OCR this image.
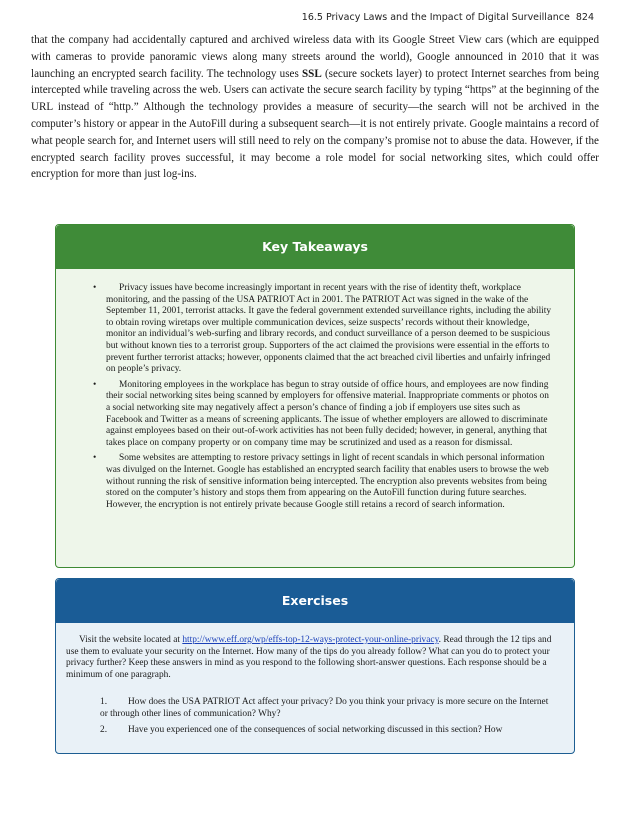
16.5 Privacy Laws and the Impact of Digital Surveillance 824

that the company had accidentally captured and archived wireless data with its Google Street View cars (which are equipped with cameras to provide panoramic views along many streets around the world), Google announced in 2010 that it was launching an encrypted search facility. The technology uses SSL (secure sockets layer) to protect Internet searches from being intercepted while traveling across the web. Users can activate the secure search facility by typing “https” at the beginning of the URL instead of “http.” Although the technology provides a measure of security—the search will not be archived in the computer’s history or appear in the AutoFill during a subsequent search—it is not entirely private. Google maintains a record of what people search for, and Internet users will still need to rely on the company’s promise not to abuse the data. However, if the encrypted search facility proves successful, it may become a role model for social networking sites, which could offer encryption for more than just log-ins.

Key Takeaways
• Privacy issues have become increasingly important in recent years with the rise of identity theft, workplace monitoring, and the passing of the USA PATRIOT Act in 2001. The PATRIOT Act was signed in the wake of the September 11, 2001, terrorist attacks. It gave the federal government extended surveillance rights, including the ability to obtain roving wiretaps over multiple communication devices, seize suspects’ records without their knowledge, monitor an individual’s web-surfing and library records, and conduct surveillance of a person deemed to be suspicious but without known ties to a terrorist group. Supporters of the act claimed the provisions were essential in the efforts to prevent further terrorist attacks; however, opponents claimed that the act breached civil liberties and unfairly infringed on people’s privacy.
• Monitoring employees in the workplace has begun to stray outside of office hours, and employees are now finding their social networking sites being scanned by employers for offensive material. Inappropriate comments or photos on a social networking site may negatively affect a person’s chance of finding a job if employers use sites such as Facebook and Twitter as a means of screening applicants. The issue of whether employers are allowed to discriminate against employees based on their out-of-work activities has not been fully decided; however, in general, anything that takes place on company property or on company time may be scrutinized and used as a reason for dismissal.
• Some websites are attempting to restore privacy settings in light of recent scandals in which personal information was divulged on the Internet. Google has established an encrypted search facility that enables users to browse the web without running the risk of sensitive information being intercepted. The encryption also prevents websites from being stored on the computer’s history and stops them from appearing on the AutoFill function during future searches. However, the encryption is not entirely private because Google still retains a record of search information.
Exercises

Visit the website located at http://www.eff.org/wp/effs-top-12-ways-protect-your-online-privacy. Read through the 12 tips and use them to evaluate your security on the Internet. How many of the tips do you already follow? What can you do to protect your privacy further? Keep these answers in mind as you respond to the following short-answer questions. Each response should be a minimum of one paragraph.

1. How does the USA PATRIOT Act affect your privacy? Do you think your privacy is more secure on the Internet or through other lines of communication? Why?
2. Have you experienced one of the consequences of social networking discussed in this section? How
